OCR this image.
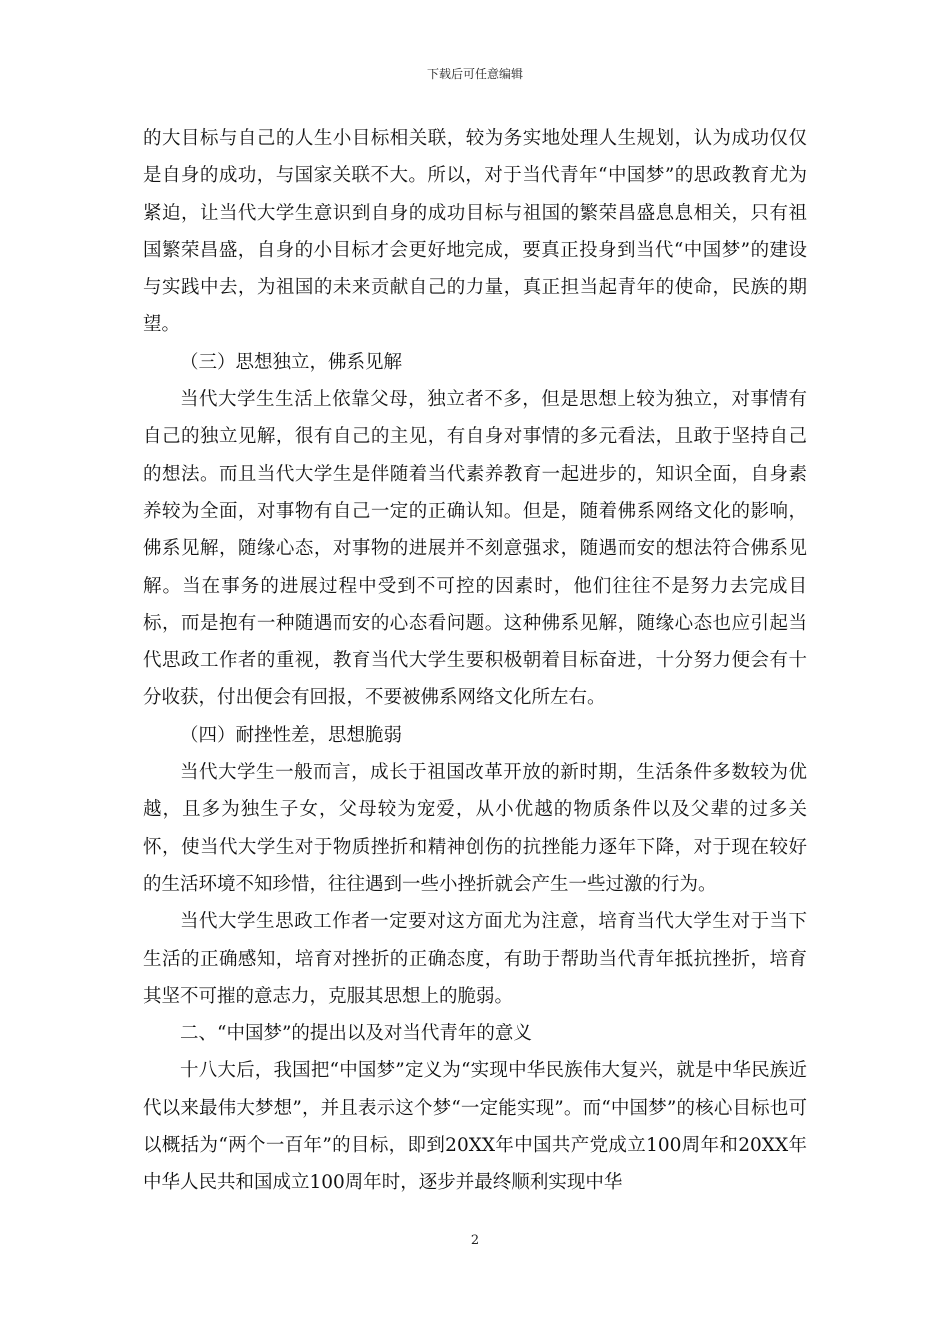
下载后可任意编辑

的大目标与自己的人生小目标相关联，较为务实地处理人生规划，认为成功仅仅是自身的成功，与国家关联不大。所以，对于当代青年“中国梦”的思政教育尤为紧迫，让当代大学生意识到自身的成功目标与祖国的繁荣昌盛息息相关，只有祖国繁荣昌盛，自身的小目标才会更好地完成，要真正投身到当代“中国梦”的建设与实践中去，为祖国的未来贡献自己的力量，真正担当起青年的使命，民族的期望。

（三）思想独立，佛系见解

当代大学生生活上依靠父母，独立者不多，但是思想上较为独立，对事情有自己的独立见解，很有自己的主见，有自身对事情的多元看法，且敢于坚持自己的想法。而且当代大学生是伴随着当代素养教育一起进步的，知识全面，自身素养较为全面，对事物有自己一定的正确认知。但是，随着佛系网络文化的影响，佛系见解，随缘心态，对事物的进展并不刻意强求，随遇而安的想法符合佛系见解。当在事务的进展过程中受到不可控的因素时，他们往往不是努力去完成目标，而是抱有一种随遇而安的心态看问题。这种佛系见解，随缘心态也应引起当代思政工作者的重视，教育当代大学生要积极朝着目标奋进，十分努力便会有十分收获，付出便会有回报，不要被佛系网络文化所左右。

（四）耐挫性差，思想脆弱

当代大学生一般而言，成长于祖国改革开放的新时期，生活条件多数较为优越，且多为独生子女，父母较为宠爱，从小优越的物质条件以及父辈的过多关怀，使当代大学生对于物质挫折和精神创伤的抗挫能力逐年下降，对于现在较好的生活环境不知珍惜，往往遇到一些小挫折就会产生一些过激的行为。

当代大学生思政工作者一定要对这方面尤为注意，培育当代大学生对于当下生活的正确感知，培育对挫折的正确态度，有助于帮助当代青年抵抗挫折，培育其坚不可摧的意志力，克服其思想上的脆弱。

二、“中国梦”的提出以及对当代青年的意义

十八大后，我国把“中国梦”定义为“实现中华民族伟大复兴，就是中华民族近代以来最伟大梦想”，并且表示这个梦“一定能实现”。而“中国梦”的核心目标也可以概括为“两个一百年”的目标，即到20XX年中国共产党成立100周年和20XX年中华人民共和国成立100周年时，逐步并最终顺利实现中华

2
